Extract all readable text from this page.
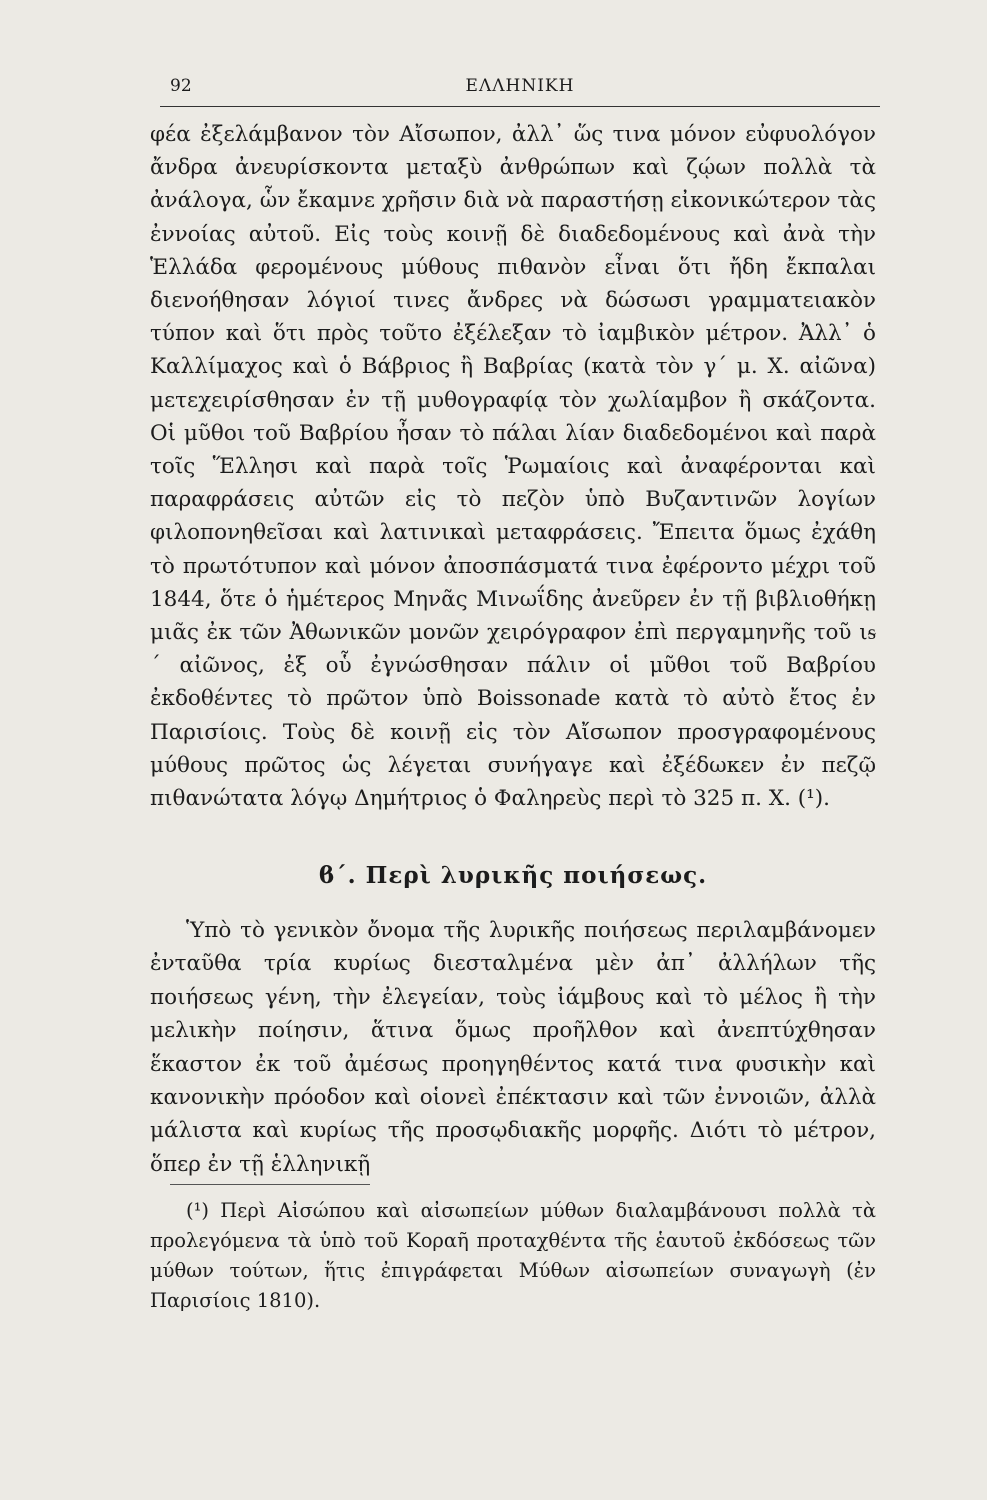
92	ΕΛΛΗΝΙΚΗ

φέα ἐξελάμβανον τὸν Αἴσωπον, ἀλλ᾽ ὥς τινα μόνον εὐφυολόγον ἄνδρα ἀνευρίσκοντα μεταξὺ ἀνθρώπων καὶ ζῴων πολλὰ τὰ ἀνάλογα, ὧν ἔκαμνε χρῆσιν διὰ νὰ παραστήσῃ εἰκονικώτερον τὰς ἐννοίας αὐτοῦ. Εἰς τοὺς κοινῇ δὲ διαδεδομένους καὶ ἀνὰ τὴν Ἑλλάδα φερομένους μύθους πιθανὸν εἶναι ὅτι ἤδη ἔκπαλαι διενοήθησαν λόγιοί τινες ἄνδρες νὰ δώσωσι γραμματειακὸν τύπον καὶ ὅτι πρὸς τοῦτο ἐξέλεξαν τὸ ἰαμβικὸν μέτρον. Ἀλλ᾽ ὁ Καλλίμαχος καὶ ὁ Βάβριος ἢ Βαβρίας (κατὰ τὸν γ´ μ. Χ. αἰῶνα) μετεχειρίσθησαν ἐν τῇ μυθογραφίᾳ τὸν χωλίαμβον ἢ σκάζοντα. Οἱ μῦθοι τοῦ Βαβρίου ἦσαν τὸ πάλαι λίαν διαδεδομένοι καὶ παρὰ τοῖς Ἕλλησι καὶ παρὰ τοῖς Ῥωμαίοις καὶ ἀναφέρονται καὶ παραφράσεις αὐτῶν εἰς τὸ πεζὸν ὑπὸ Βυζαντινῶν λογίων φιλοπονηθεῖσαι καὶ λατινικαὶ μεταφράσεις. Ἔπειτα ὅμως ἐχάθη τὸ πρωτότυπον καὶ μόνον ἀποσπάσματά τινα ἐφέροντο μέχρι τοῦ 1844, ὅτε ὁ ἡμέτερος Μηνᾶς Μινωΐδης ἀνεῦρεν ἐν τῇ βιβλιοθήκῃ μιᾶς ἐκ τῶν Ἀθωνικῶν μονῶν χειρόγραφον ἐπὶ περγαμηνῆς τοῦ ιᵴ´ αἰῶνος, ἐξ οὗ ἐγνώσθησαν πάλιν οἱ μῦθοι τοῦ Βαβρίου ἐκδοθέντες τὸ πρῶτον ὑπὸ Boissonade κατὰ τὸ αὐτὸ ἔτος ἐν Παρισίοις. Τοὺς δὲ κοινῇ εἰς τὸν Αἴσωπον προσγραφομένους μύθους πρῶτος ὡς λέγεται συνήγαγε καὶ ἐξέδωκεν ἐν πεζῷ πιθανώτατα λόγῳ Δημήτριος ὁ Φαληρεὺς περὶ τὸ 325 π. Χ. (¹).

ϐ´. Περὶ λυρικῆς ποιήσεως.

Ὑπὸ τὸ γενικὸν ὄνομα τῆς λυρικῆς ποιήσεως περιλαμβάνομεν ἐνταῦθα τρία κυρίως διεσταλμένα μὲν ἀπ᾽ ἀλλήλων τῆς ποιήσεως γένη, τὴν ἐλεγείαν, τοὺς ἰάμβους καὶ τὸ μέλος ἢ τὴν μελικὴν ποίησιν, ἅτινα ὅμως προῆλθον καὶ ἀνεπτύχθησαν ἕκαστον ἐκ τοῦ ἀμέσως προηγηθέντος κατά τινα φυσικὴν καὶ κανονικὴν πρόοδον καὶ οἱονεὶ ἐπέκτασιν καὶ τῶν ἐννοιῶν, ἀλλὰ μάλιστα καὶ κυρίως τῆς προσῳδιακῆς μορφῆς. Διότι τὸ μέτρον, ὅπερ ἐν τῇ ἑλληνικῇ

(¹) Περὶ Αἰσώπου καὶ αἰσωπείων μύθων διαλαμβάνουσι πολλὰ τὰ προλεγόμενα τὰ ὑπὸ τοῦ Κοραῆ προταχθέντα τῆς ἑαυτοῦ ἐκδόσεως τῶν μύθων τούτων, ἥτις ἐπιγράφεται Μύθων αἰσωπείων συναγωγὴ (ἐν Παρισίοις 1810).
